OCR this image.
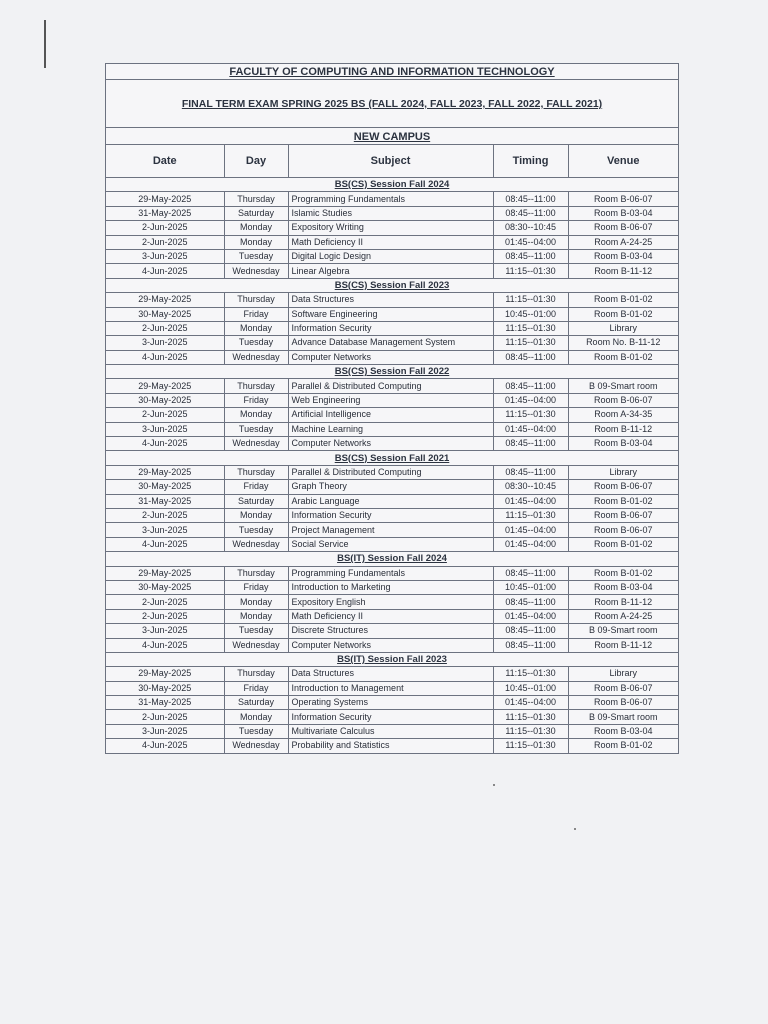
FACULTY OF COMPUTING AND INFORMATION TECHNOLOGY
FINAL TERM EXAM SPRING 2025 BS (FALL 2024, FALL 2023, FALL 2022, FALL 2021)
NEW CAMPUS
Date	Day	Subject	Timing	Venue
BS(CS) Session Fall 2024				
29-May-2025	Thursday	Programming Fundamentals	08:45--11:00	Room B-06-07
31-May-2025	Saturday	Islamic Studies	08:45--11:00	Room B-03-04
2-Jun-2025	Monday	Expository Writing	08:30--10:45	Room B-06-07
2-Jun-2025	Monday	Math Deficiency II	01:45--04:00	Room A-24-25
3-Jun-2025	Tuesday	Digital Logic Design	08:45--11:00	Room B-03-04
4-Jun-2025	Wednesday	Linear Algebra	11:15--01:30	Room B-11-12
BS(CS) Session Fall 2023				
29-May-2025	Thursday	Data Structures	11:15--01:30	Room B-01-02
30-May-2025	Friday	Software Engineering	10:45--01:00	Room B-01-02
2-Jun-2025	Monday	Information Security	11:15--01:30	Library
3-Jun-2025	Tuesday	Advance Database Management System	11:15--01:30	Room No. B-11-12
4-Jun-2025	Wednesday	Computer Networks	08:45--11:00	Room B-01-02
BS(CS) Session Fall 2022				
29-May-2025	Thursday	Parallel & Distributed Computing	08:45--11:00	B 09-Smart room
30-May-2025	Friday	Web Engineering	01:45--04:00	Room B-06-07
2-Jun-2025	Monday	Artificial Intelligence	11:15--01:30	Room A-34-35
3-Jun-2025	Tuesday	Machine Learning	01:45--04:00	Room B-11-12
4-Jun-2025	Wednesday	Computer Networks	08:45--11:00	Room B-03-04
BS(CS) Session Fall 2021				
29-May-2025	Thursday	Parallel & Distributed Computing	08:45--11:00	Library
30-May-2025	Friday	Graph Theory	08:30--10:45	Room B-06-07
31-May-2025	Saturday	Arabic Language	01:45--04:00	Room B-01-02
2-Jun-2025	Monday	Information Security	11:15--01:30	Room B-06-07
3-Jun-2025	Tuesday	Project Management	01:45--04:00	Room B-06-07
4-Jun-2025	Wednesday	Social Service	01:45--04:00	Room B-01-02
BS(IT) Session Fall 2024				
29-May-2025	Thursday	Programming Fundamentals	08:45--11:00	Room B-01-02
30-May-2025	Friday	Introduction to Marketing	10:45--01:00	Room B-03-04
2-Jun-2025	Monday	Expository English	08:45--11:00	Room B-11-12
2-Jun-2025	Monday	Math Deficiency II	01:45--04:00	Room A-24-25
3-Jun-2025	Tuesday	Discrete Structures	08:45--11:00	B 09-Smart room
4-Jun-2025	Wednesday	Computer Networks	08:45--11:00	Room B-11-12
BS(IT) Session Fall 2023				
29-May-2025	Thursday	Data Structures	11:15--01:30	Library
30-May-2025	Friday	Introduction to Management	10:45--01:00	Room B-06-07
31-May-2025	Saturday	Operating Systems	01:45--04:00	Room B-06-07
2-Jun-2025	Monday	Information Security	11:15--01:30	B 09-Smart room
3-Jun-2025	Tuesday	Multivariate Calculus	11:15--01:30	Room B-03-04
4-Jun-2025	Wednesday	Probability and Statistics	11:15--01:30	Room B-01-02
